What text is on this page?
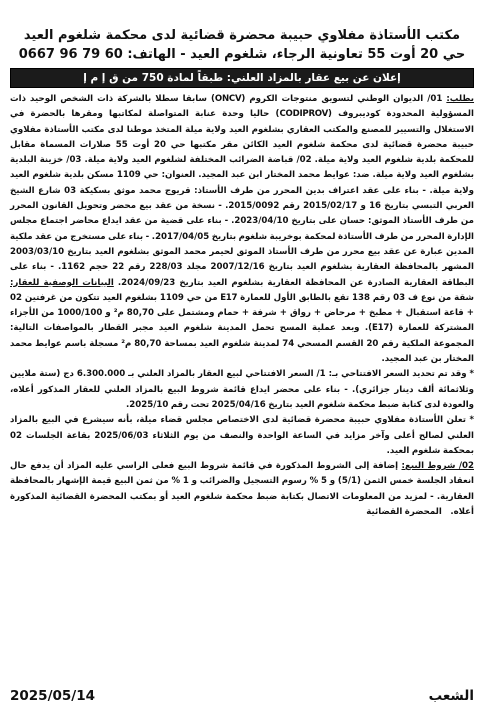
مكتب الأستاذة مفلاوي حبيبة محضرة قضائية لدى محكمة شلغوم العيد
حي 20 أوت 55 تعاونية الرجاء، شلغوم العيد - الهاتف: 60 79 96 0667
إعلان عن بيع عقار بالمزاد العلني: طبقاً لمادة 750 من ق إ م إ

بطلب: 01/ الديوان الوطني لتسويق منتوجات الكروم (ONCV) سابقا سطلا بالشركة ذات الشخص الوحيد ذات المسؤولية المحدودة كوديبروف (CODIPROV) حاليا وحدة عنابة المتواصلة لمكاتبها ومقرها بالحضرة في الاستغلال والتسيير للمصنع والمكتب العقاري بشلغوم العيد ولاية ميلة المتخذ موطنا لدى مكتب الأستاذة مفلاوي حبيبة محضرة قضائية لدى محكمة شلغوم العيد الكائن مقر مكتبها حي 20 أوت 55 صلارات المسماة مقابل للمحكمة بلدية شلغوم العيد ولاية ميلة. 02/ قباضة الضرائب المختلفة لشلغوم العيد ولاية ميلة. 03/ خزينة البلدية بشلغوم العيد ولاية ميلة. ضد: عوايط محمد المختار ابن عبد المجيد. العنوان: حي 1109 مسكن بلدية شلغوم العيد ولاية ميلة. - بناء على عقد اعتراف بدين المحرر من طرف الأستاذ: قريوج محمد موثق بسكيكة 03 شارع الشيخ العربي التبسي بتاريخ 16 و 2015/02/17 رقم 2015/0092. - نسخة من عقد بيع محضر وتحويل القانون المحرر من طرف الأستاذ الموثق: حسان على بتاريخ 2023/04/10. - بناء على قضية من عقد ايداع محاضر اجتماع مجلس الإدارة المحرر من طرف الأستاذة لمحكمة بوخريبة شلغوم بتاريخ 2017/04/05. - بناء على مستخرج من عقد ملكية المدين عبارة عن عقد بيع محرر من طرف الأستاذ الموثق لحيمر محمد الموثق بشلغوم العيد بتاريخ 2003/03/10 المشهر بالمحافظة العقارية بشلغوم العيد بتاريخ 2007/12/16 مجلد 228/03 رقم 22 حجم 1162. - بناء على البطاقة العقارية الصادرة عن المحافظة العقارية بشلغوم العيد بتاريخ 2024/09/23. البيانات الوصفية للعقار: شقة من نوع ف 03 رقم 138 تقع بالطابق الأول للعمارة E17 من حي 1109 بشلغوم العيد تتكون من غرفتين 02 + قاعة استقبال + مطبخ + مرحاض + رواق + شرفة + حمام ومشتمل على 80,70 م² و 1000/100 من الأجزاء المشتركة للعمارة (E17). وبعد عملية المسح تحمل المدينة شلغوم العيد مجبر القطار بالمواصفات التالية: المجموعة الملكية رقم 20 القسم المسحي 74 لمدينة شلغوم العيد بمساحة 80,70 م² مسجلة باسم عوايط محمد المختار بن عبد المجيد.

* وقد تم تحديد السعر الافتتاحي بـ: 1/ السعر الافتتاحي لبيع العقار بالمزاد العلني بـ 6.300.000 دج (ستة ملايين وثلاثمائة ألف دينار جزائري). - بناء على محضر ايداع قائمة شروط البيع بالمزاد العلني للعقار المذكور أعلاه، والعودة لدى كتابة ضبط محكمة شلغوم العيد بتاريخ 2025/04/16 تحت رقم 2025/10.

* تعلن الأستاذة مفلاوي حبيبة محضرة قضائية لدى الاختصاص مجلس قضاء ميلة، بأنه سيشرع في البيع بالمزاد العلني لصالح أعلى وآخر مزايد في الساعة الواحدة والنصف من يوم الثلاثاء 2025/06/03 بقاعة الجلسات 02 بمحكمة شلغوم العيد.

02/ شروط البيع: إضافة إلى الشروط المذكورة في قائمة شروط البيع فعلى الراسي عليه المزاد أن يدفع حال انعقاد الجلسة خمس الثمن (5/1) و 5 % رسوم التسجيل والضرائب و 1 % من ثمن البيع قيمة الإشهار بالمحافظة العقارية. - لمزيد من المعلومات الاتصال بكتابة ضبط محكمة شلغوم العيد أو بمكتب المحضرة القضائية المذكورة أعلاه. المحضرة القضائية

الشعب
2025/05/14
